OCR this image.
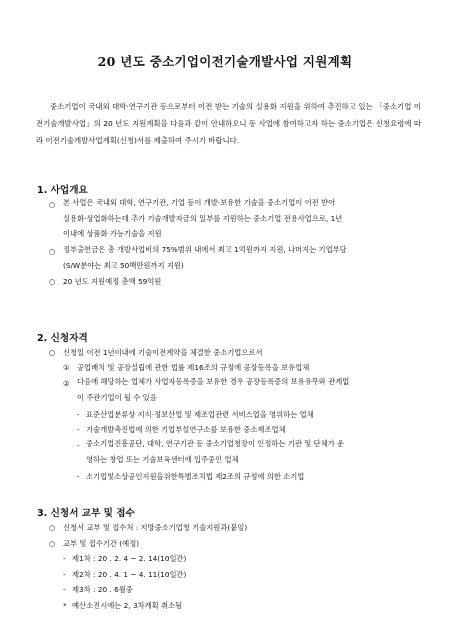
20 년도 중소기업이전기술개발사업 지원계획

중소기업이 국내외 대학·연구기관 등으로부터 이전 받는 기술의 실용화 지원을 위하여 추진하고 있는 「중소기업 이전기술개발사업」의 20 년도 지원계획을 다음과 같이 안내하오니 동 사업에 참여하고자 하는 중소기업은 신청요령에 따라 이전기술개발사업계획(신청)서를 제출하여 주시기 바랍니다.

1. 사업개요
○ 본 사업은 국내외 대학, 연구기관, 기업 등이 개발·보유한 기술을 중소기업이 이전 받아

실용화·상업화하는데 추가 기술개발자금의 일부를 지원하는 중소기업 전용사업으로, 1년

이내에 상품화 가능기술을 지원

○ 정부출연금은 총 개발사업비의 75%범위 내에서 최고 1억원까지 지원, 나머지는 기업부담

(S/W분야는 최고 50백만원까지 지원)

○ 20 년도 지원예정 총액 59억원
2. 신청자격
○ 신청일 이전 1년이내에 기술이전계약을 체결한 중소기업으로서
① 공업배치 및 공장설립에 관한 법률 제16조의 규정에 공장등록을 보유업체
② 다음에 해당하는 업체가 사업자등록증을 보유한 경우 공장등록증의 보유유무와 관계없

이 주관기업이 될 수 있음

- 표준산업분류상 지식·정보산업 및 제조업관련 서비스업을 영위하는 업체
- 기술개발촉진법에 의한 기업부설연구소를 보유한 중소제조업체
- 중소기업진흥공단, 대학, 연구기관 등 중소기업청장이 인정하는 기관 및 단체가 운

영하는 창업 또는 기술보육센터에 입주중인 업체

- 소기업및소상공인지원을위한특별조치법 제2조의 규정에 의한 소기업
3. 신청서 교부 및 접수
○ 신청서 교부 및 접수처 : 지방중소기업청 기술지원과(붙임)
○ 교부 및 접수기간 (예정)
- 제1차 : 20 . 2. 4 ~ 2. 14(10일간)
- 제2차 : 20 . 4. 1 ~ 4. 11(10일간)
- 제3차 : 20 . 6월중
* 예산소진시에는 2, 3차계획 취소됨
